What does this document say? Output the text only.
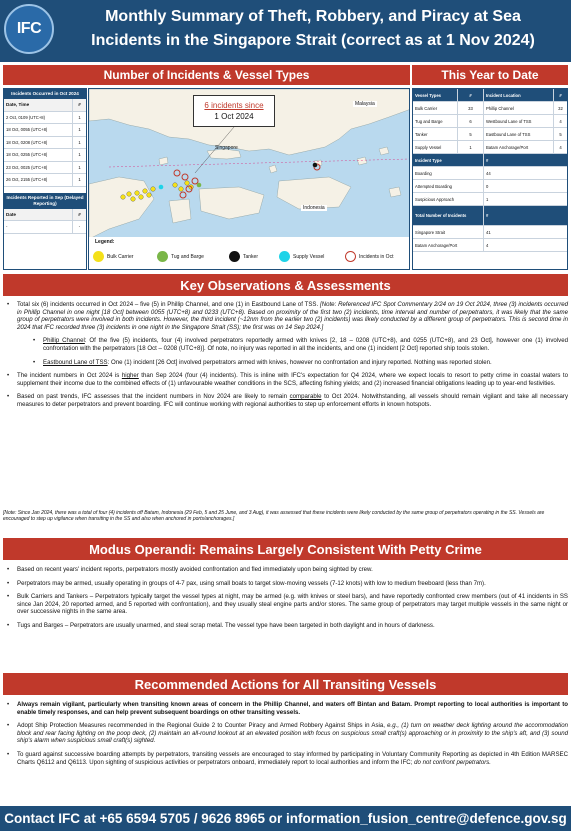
IFC
Monthly Summary of Theft, Robbery, and Piracy at Sea
Incidents in the Singapore Strait (correct as at 1 Nov 2024)
Number of Incidents & Vessel Types	This Year to Date
Incidents Occurred in Oct 2024
Date, Time	#
2 Oct, 0109 (UTC+8)	1
18 Oct, 0055 (UTC+8)	1
18 Oct, 0208 (UTC+8)	1
18 Oct, 0255 (UTC+8)	1
23 Oct, 0025 (UTC+8)	1
26 Oct, 2155 (UTC+8)	1
Incidents Reported in Sep (Delayed Reporting)
Date	#
-	-
6 incidents since
1 Oct 2024
Malaysia
Singapore
Indonesia
Legend:
Bulk Carrier	Tug and Barge	Tanker	Supply Vessel	Incidents in Oct
Vessel Types	#	Incident Location	#
Bulk Carrier	33	Phillip Channel	32
Tug and Barge	6	Westbound Lane of TSS	4
Tanker	5	Eastbound Lane of TSS	5
Supply Vessel	1	Batam Anchorage/Port	4
Incident Type	#
Boarding	44
Attempted Boarding	0
Suspicious Approach	1
Total Number of Incidents	#
Singapore Strait	41
Batam Anchorage/Port	4
Key Observations & Assessments
• Total six (6) incidents occurred in Oct 2024 – five (5) in Phillip Channel, and one (1) in Eastbound Lane of TSS. [Note: Referenced IFC Spot Commentary 2/24 on 19 Oct 2024, three (3) incidents occurred in Phillip Channel in one night [18 Oct] between 0055 (UTC+8) and 0233 (UTC+8). Based on proximity of the first two (2) incidents, time interval and number of perpetrators, it was likely that the same group of perpetrators were involved in both incidents. However, the third incident (~12nm from the earlier two (2) incidents) was likely conducted by a different group of perpetrators. This is second time in 2024 that IFC recorded three (3) incidents in one night in the Singapore Strait (SS); the first was on 14 Sep 2024.]
• Phillip Channel: Of the five (5) incidents, four (4) involved perpetrators reportedly armed with knives [2, 18 – 0208 (UTC+8), and 0255 (UTC+8), and 23 Oct], however one (1) involved confrontation with the perpetrators [18 Oct – 0208 (UTC+8)]. Of note, no injury was reported in all the incidents, and one (1) incident [2 Oct] reported ship tools stolen.
• Eastbound Lane of TSS: One (1) incident [26 Oct] involved perpetrators armed with knives, however no confrontation and injury reported. Nothing was reported stolen.
• The incident numbers in Oct 2024 is higher than Sep 2024 (four (4) incidents). This is inline with IFC's expectation for Q4 2024, where we expect locals to resort to petty crime in coastal waters to supplement their income due to the combined effects of (1) unfavourable weather conditions in the SCS, affecting fishing yields; and (2) increased financial obligations leading up to year-end festivities.
• Based on past trends, IFC assesses that the incident numbers in Nov 2024 are likely to remain comparable to Oct 2024. Notwithstanding, all vessels should remain vigilant and take all necessary measures to deter perpetrators and prevent boarding. IFC will continue working with regional authorities to step up enforcement efforts in known hotspots.
[Note: Since Jan 2024, there was a total of four (4) incidents off Batam, Indonesia (29 Feb, 5 and 25 June, and 3 Aug), it was assessed that these incidents were likely conducted by the same group of perpetrators operating in the SS. Vessels are encouraged to step up vigilance when transiting in the SS and also when anchored in ports/anchorages.]
Modus Operandi: Remains Largely Consistent With Petty Crime
• Based on recent years' incident reports, perpetrators mostly avoided confrontation and fled immediately upon being sighted by crew.
• Perpetrators may be armed, usually operating in groups of 4-7 pax, using small boats to target slow-moving vessels (7-12 knots) with low to medium freeboard (less than 7m).
• Bulk Carriers and Tankers – Perpetrators typically target the vessel types at night, may be armed (e.g. with knives or steel bars), and have reportedly confronted crew members (out of 41 incidents in SS since Jan 2024, 20 reported armed, and 5 reported with confrontation), and they usually steal engine parts and/or stores. The same group of perpetrators may target multiple vessels in the same night or over successive nights in the same area.
• Tugs and Barges – Perpetrators are usually unarmed, and steal scrap metal. The vessel type have been targeted in both daylight and in hours of darkness.
Recommended Actions for All Transiting Vessels
• Always remain vigilant, particularly when transiting known areas of concern in the Phillip Channel, and waters off Bintan and Batam. Prompt reporting to local authorities is important to enable timely responses, and can help prevent subsequent boardings on other transiting vessels.
• Adopt Ship Protection Measures recommended in the Regional Guide 2 to Counter Piracy and Armed Robbery Against Ships in Asia, e.g., (1) turn on weather deck lighting around the accommodation block and rear facing lighting on the poop deck, (2) maintain an all-round lookout at an elevated position with focus on suspicious small craft(s) approaching or in proximity to the ship's aft, and (3) sound ship's alarm when suspicious small craft(s) sighted.
• To guard against successive boarding attempts by perpetrators, transiting vessels are encouraged to stay informed by participating in Voluntary Community Reporting as depicted in 4th Edition MARSEC Charts Q6112 and Q6113. Upon sighting of suspicious activities or perpetrators onboard, immediately report to local authorities and inform the IFC; do not confront perpetrators.
Contact IFC at +65 6594 5705 / 9626 8965 or information_fusion_centre@defence.gov.sg
